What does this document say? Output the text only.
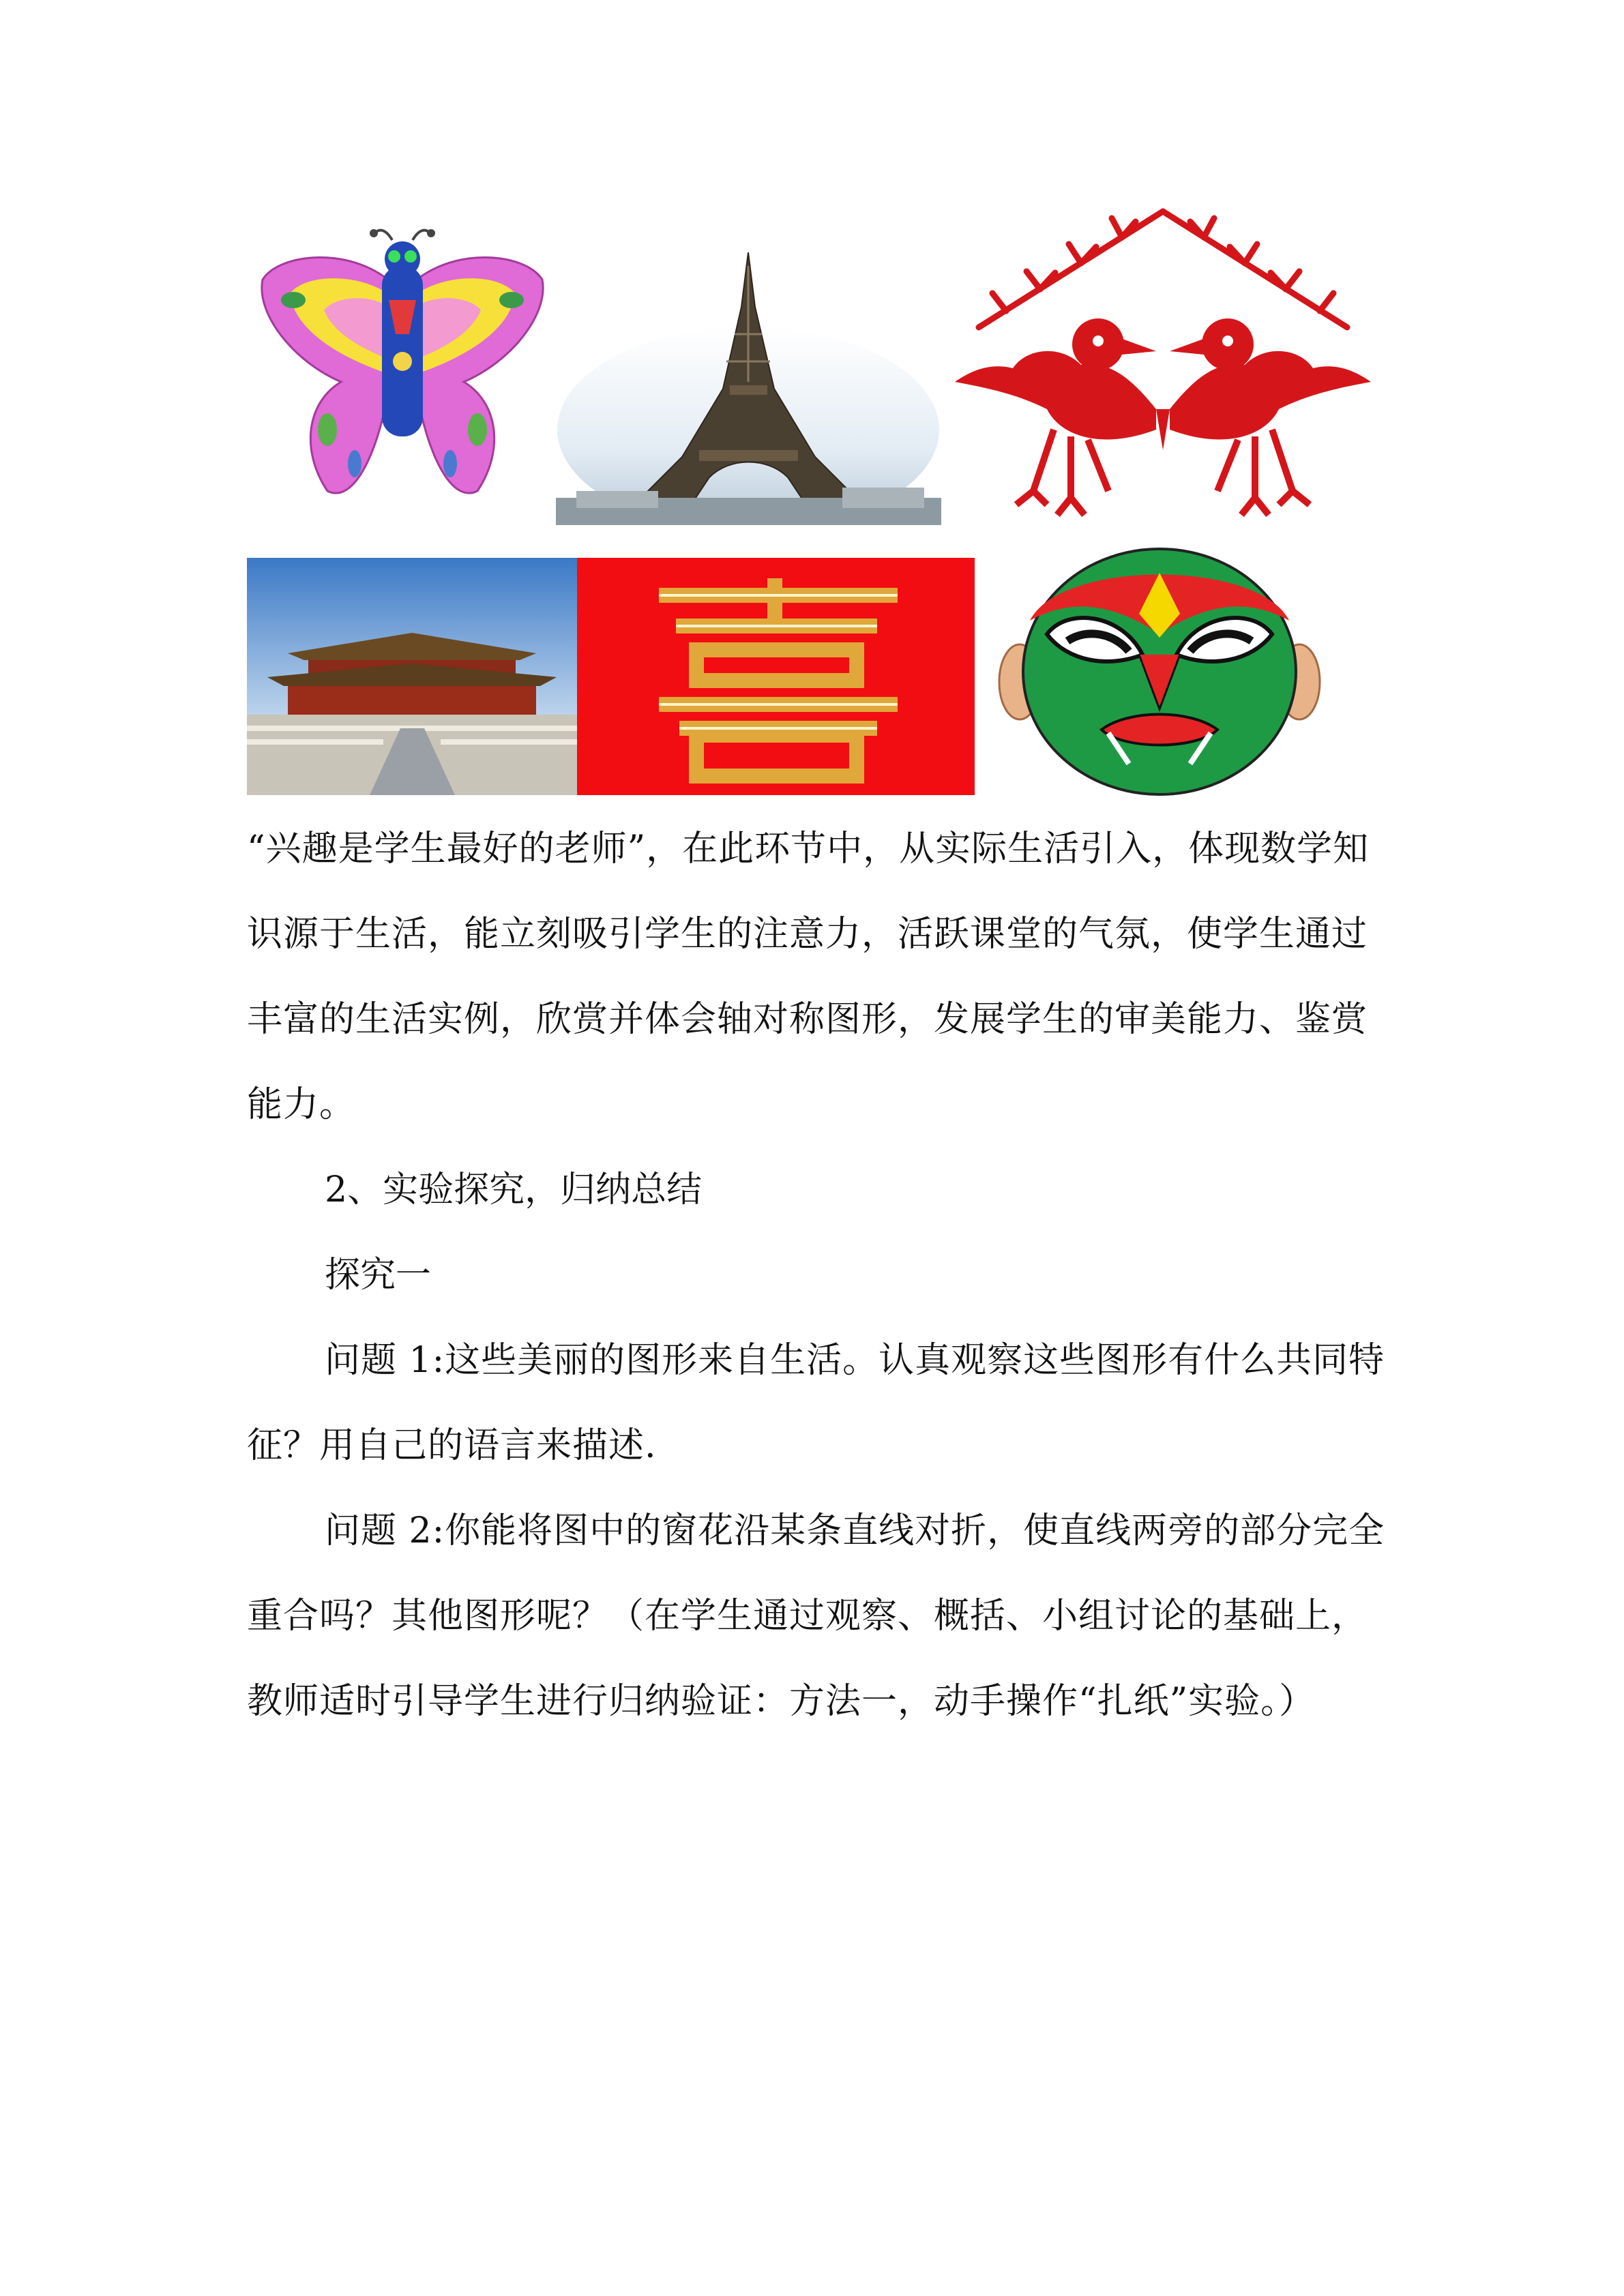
“兴趣是学生最好的老师”，在此环节中，从实际生活引入，体现数学知识源于生活，能立刻吸引学生的注意力，活跃课堂的气氛，使学生通过丰富的生活实例，欣赏并体会轴对称图形，发展学生的审美能力、鉴赏能力。

2、实验探究，归纳总结

探究一

问题 1:这些美丽的图形来自生活。认真观察这些图形有什么共同特征？用自己的语言来描述.

问题 2:你能将图中的窗花沿某条直线对折，使直线两旁的部分完全重合吗？其他图形呢？（在学生通过观察、概括、小组讨论的基础上，教师适时引导学生进行归纳验证：方法一，动手操作“扎纸”实验。）
